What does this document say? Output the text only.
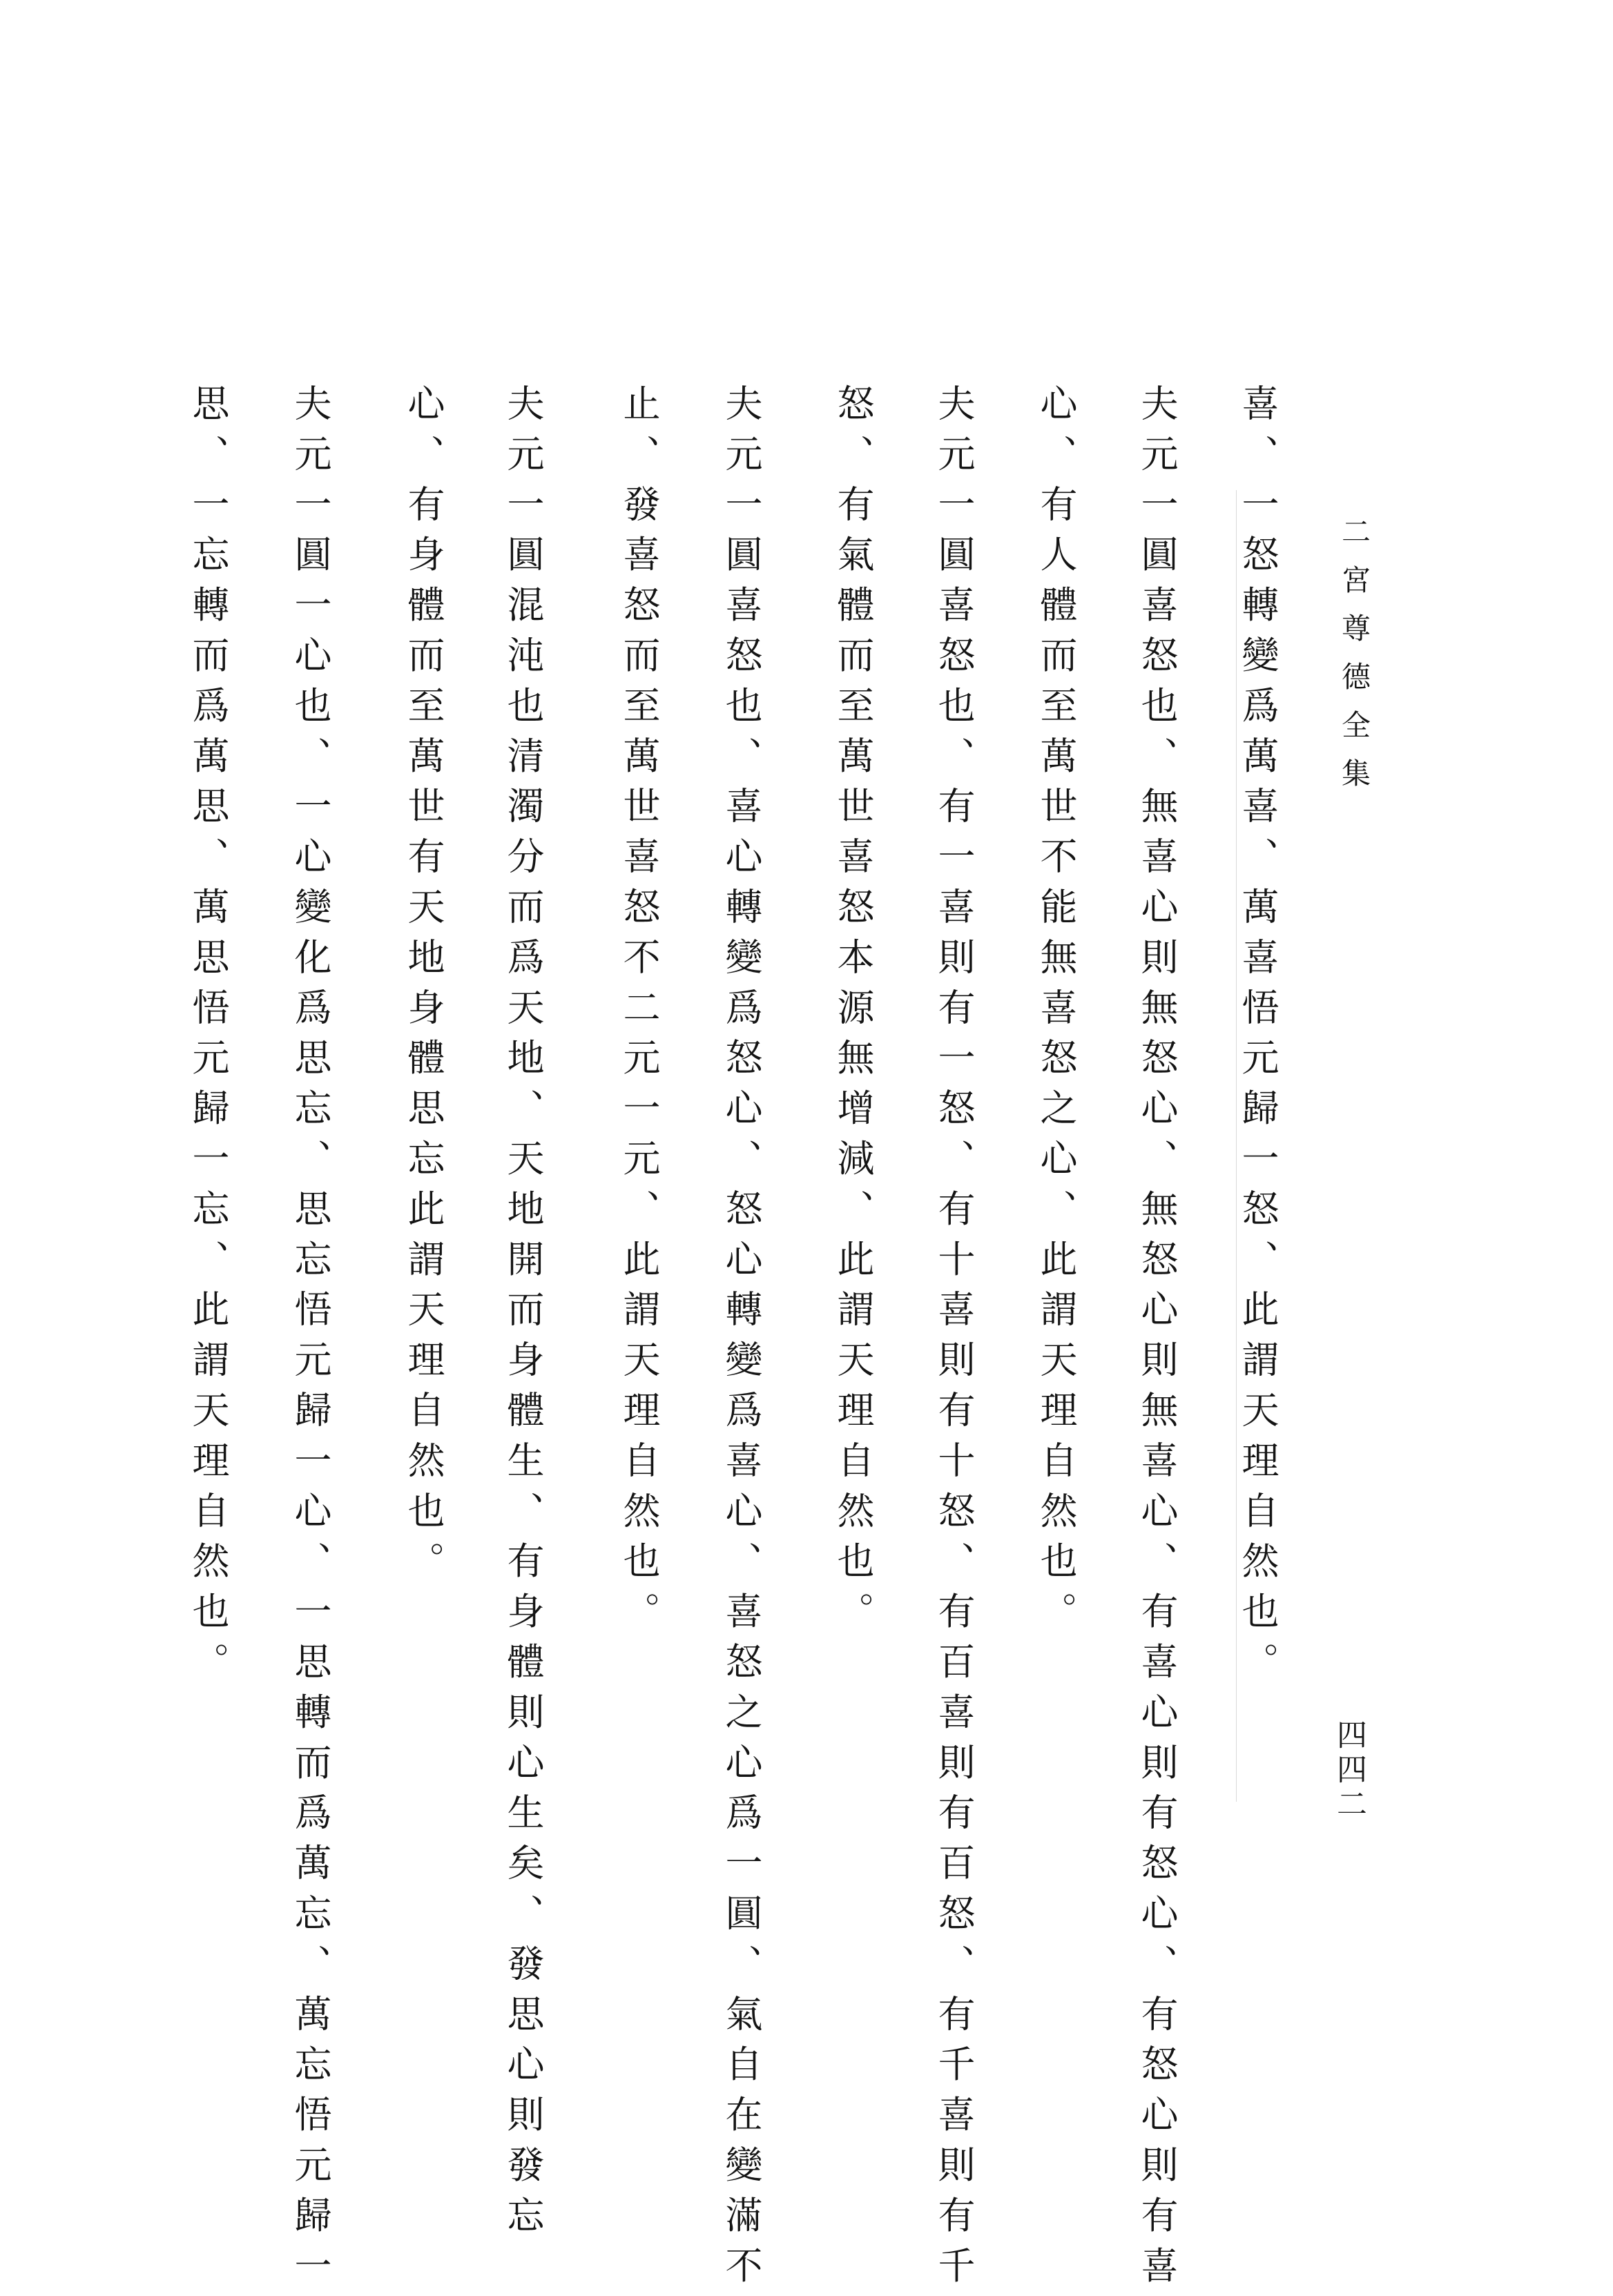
二宮尊德全集
四四二
喜、一怒轉變爲萬喜、萬喜悟元歸一怒、此謂天理自然也。
夫元一圓喜怒也、無喜心則無怒心、無怒心則無喜心、有喜心則有怒心、有怒心則有喜
心、有人體而至萬世不能無喜怒之心、此謂天理自然也。
夫元一圓喜怒也、有一喜則有一怒、有十喜則有十怒、有百喜則有百怒、有千喜則有千
怒、有氣體而至萬世喜怒本源無增減、此謂天理自然也。
夫元一圓喜怒也、喜心轉變爲怒心、怒心轉變爲喜心、喜怒之心爲一圓、氣自在變滿不
止、發喜怒而至萬世喜怒不二元一元、此謂天理自然也。
夫元一圓混沌也清濁分而爲天地、天地開而身體生、有身體則心生矣、發思心則發忘
心、有身體而至萬世有天地身體思忘此謂天理自然也。
夫元一圓一心也、一心變化爲思忘、思忘悟元歸一心、一思轉而爲萬忘、萬忘悟元歸一
思、一忘轉而爲萬思、萬思悟元歸一忘、此謂天理自然也。
